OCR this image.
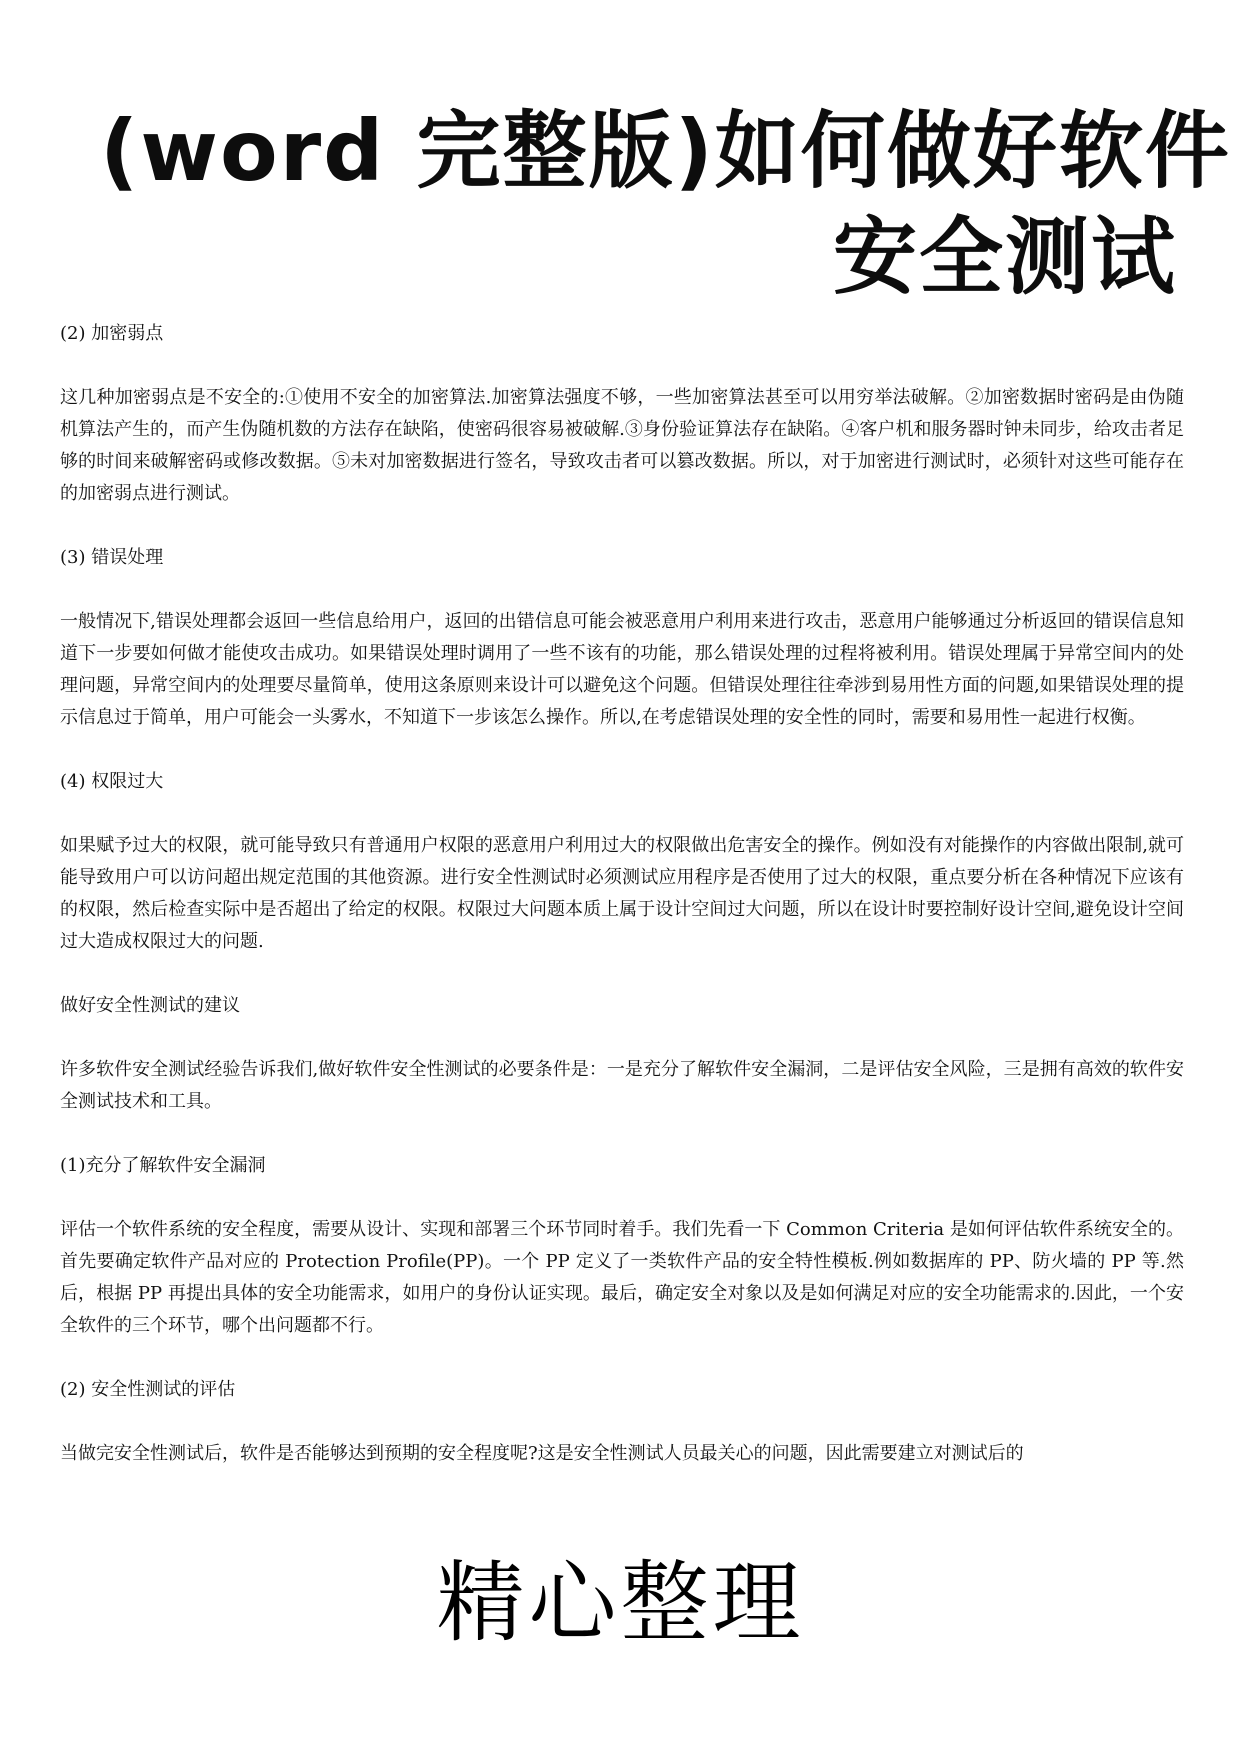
(word 完整版)如何做好软件
安全测试
(2) 加密弱点
这几种加密弱点是不安全的:①使用不安全的加密算法.加密算法强度不够，一些加密算法甚至可以用穷举法破解。②加密数据时密码是由伪随机算法产生的，而产生伪随机数的方法存在缺陷，使密码很容易被破解.③身份验证算法存在缺陷。④客户机和服务器时钟未同步，给攻击者足够的时间来破解密码或修改数据。⑤未对加密数据进行签名，导致攻击者可以篡改数据。所以，对于加密进行测试时，必须针对这些可能存在的加密弱点进行测试。
(3) 错误处理
一般情况下,错误处理都会返回一些信息给用户，返回的出错信息可能会被恶意用户利用来进行攻击，恶意用户能够通过分析返回的错误信息知道下一步要如何做才能使攻击成功。如果错误处理时调用了一些不该有的功能，那么错误处理的过程将被利用。错误处理属于异常空间内的处理问题，异常空间内的处理要尽量简单，使用这条原则来设计可以避免这个问题。但错误处理往往牵涉到易用性方面的问题,如果错误处理的提示信息过于简单，用户可能会一头雾水，不知道下一步该怎么操作。所以,在考虑错误处理的安全性的同时，需要和易用性一起进行权衡。
(4) 权限过大
如果赋予过大的权限，就可能导致只有普通用户权限的恶意用户利用过大的权限做出危害安全的操作。例如没有对能操作的内容做出限制,就可能导致用户可以访问超出规定范围的其他资源。进行安全性测试时必须测试应用程序是否使用了过大的权限，重点要分析在各种情况下应该有的权限，然后检查实际中是否超出了给定的权限。权限过大问题本质上属于设计空间过大问题，所以在设计时要控制好设计空间,避免设计空间过大造成权限过大的问题.
做好安全性测试的建议
许多软件安全测试经验告诉我们,做好软件安全性测试的必要条件是：一是充分了解软件安全漏洞，二是评估安全风险，三是拥有高效的软件安全测试技术和工具。
(1)充分了解软件安全漏洞
评估一个软件系统的安全程度，需要从设计、实现和部署三个环节同时着手。我们先看一下 Common Criteria 是如何评估软件系统安全的。首先要确定软件产品对应的 Protection Profile(PP)。一个 PP 定义了一类软件产品的安全特性模板.例如数据库的 PP、防火墙的 PP 等.然后，根据 PP 再提出具体的安全功能需求，如用户的身份认证实现。最后，确定安全对象以及是如何满足对应的安全功能需求的.因此，一个安全软件的三个环节，哪个出问题都不行。
(2) 安全性测试的评估
当做完安全性测试后，软件是否能够达到预期的安全程度呢?这是安全性测试人员最关心的问题，因此需要建立对测试后的
精心整理
